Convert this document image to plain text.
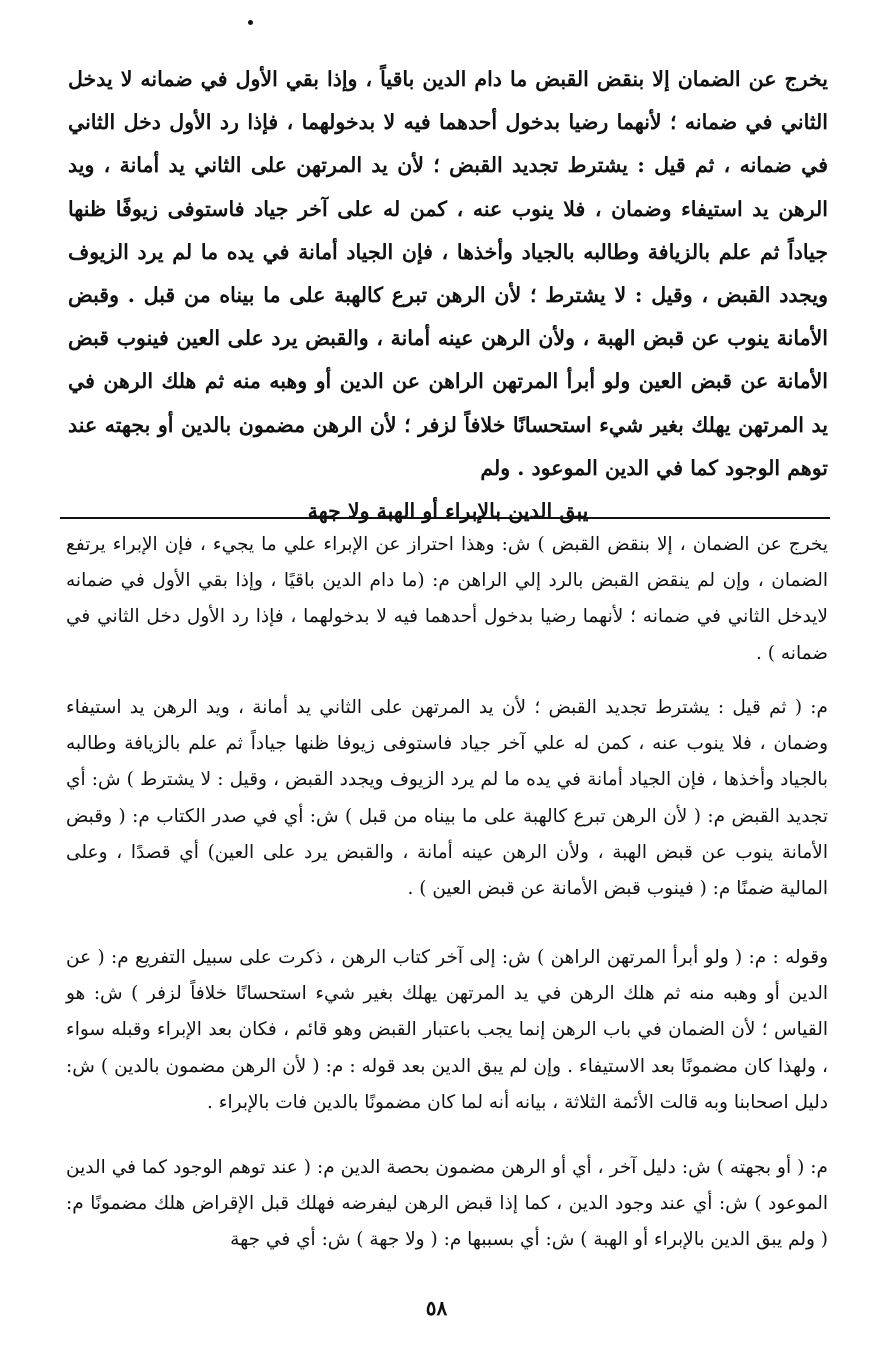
يخرج عن الضمان إلا بنقض القبض ما دام الدين باقياً ، وإذا بقي الأول في ضمانه لا يدخل الثاني في ضمانه ؛ لأنهما رضيا بدخول أحدهما فيه لا بدخولهما ، فإذا رد الأول دخل الثاني في ضمانه ، ثم قيل : يشترط تجديد القبض ؛ لأن يد المرتهن على الثاني يد أمانة ، ويد الرهن يد استيفاء وضمان ، فلا ينوب عنه ، كمن له على آخر جياد فاستوفى زيوفًا ظنها جياداً ثم علم بالزيافة وطالبه بالجياد وأخذها ، فإن الجياد أمانة في يده ما لم يرد الزيوف ويجدد القبض ، وقيل : لا يشترط ؛ لأن الرهن تبرع كالهبة على ما بيناه من قبل . وقبض الأمانة ينوب عن قبض الهبة ، ولأن الرهن عينه أمانة ، والقبض يرد على العين فينوب قبض الأمانة عن قبض العين ولو أبرأ المرتهن الراهن عن الدين أو وهبه منه ثم هلك الرهن في يد المرتهن يهلك بغير شيء استحسانًا خلافاً لزفر ؛ لأن الرهن مضمون بالدين أو بجهته عند توهم الوجود كما في الدين الموعود . ولم
يبق الدين بالإبراء أو الهبة ولا جهة

يخرج عن الضمان ، إلا بنقض القبض ) ش: وهذا احتراز عن الإبراء علي ما يجيء ، فإن الإبراء يرتفع الضمان ، وإن لم ينقض القبض بالرد إلي الراهن م: (ما دام الدين باقيًا ، وإذا بقي الأول في ضمانه لايدخل الثاني في ضمانه ؛ لأنهما رضيا بدخول أحدهما فيه لا بدخولهما ، فإذا رد الأول دخل الثاني في ضمانه ) .

م: ( ثم قيل : يشترط تجديد القبض ؛ لأن يد المرتهن على الثاني يد أمانة ، ويد الرهن يد استيفاء وضمان ، فلا ينوب عنه ، كمن له علي آخر جياد فاستوفى زيوفا ظنها جياداً ثم علم بالزيافة وطالبه بالجياد وأخذها ، فإن الجياد أمانة في يده ما لم يرد الزيوف ويجدد القبض ، وقيل : لا يشترط ) ش: أي تجديد القبض م: ( لأن الرهن تبرع كالهبة على ما بيناه من قبل ) ش: أي في صدر الكتاب م: ( وقبض الأمانة ينوب عن قبض الهبة ، ولأن الرهن عينه أمانة ، والقبض يرد على العين) أي قصدًا ، وعلى المالية ضمنًا م: ( فينوب قبض الأمانة عن قبض العين ) .

وقوله : م: ( ولو أبرأ المرتهن الراهن ) ش: إلى آخر كتاب الرهن ، ذكرت على سبيل التفريع م: ( عن الدين أو وهبه منه ثم هلك الرهن في يد المرتهن يهلك بغير شيء استحسانًا خلافاً لزفر ) ش: هو القياس ؛ لأن الضمان في باب الرهن إنما يجب باعتبار القبض وهو قائم ، فكان بعد الإبراء وقبله سواء ، ولهذا كان مضمونًا بعد الاستيفاء . وإن لم يبق الدين بعد قوله : م: ( لأن الرهن مضمون بالدين ) ش: دليل اصحابنا وبه قالت الأئمة الثلاثة ، بيانه أنه لما كان مضمونًا بالدين فات بالإبراء .

م: ( أو بجهته ) ش: دليل آخر ، أي أو الرهن مضمون بحصة الدين م: ( عند توهم الوجود كما في الدين الموعود ) ش: أي عند وجود الدين ، كما إذا قبض الرهن ليفرضه فهلك قبل الإقراض هلك مضمونًا م: ( ولم يبق الدين بالإبراء أو الهبة ) ش: أي بسببها م: ( ولا جهة ) ش: أي في جهة

٥٨
